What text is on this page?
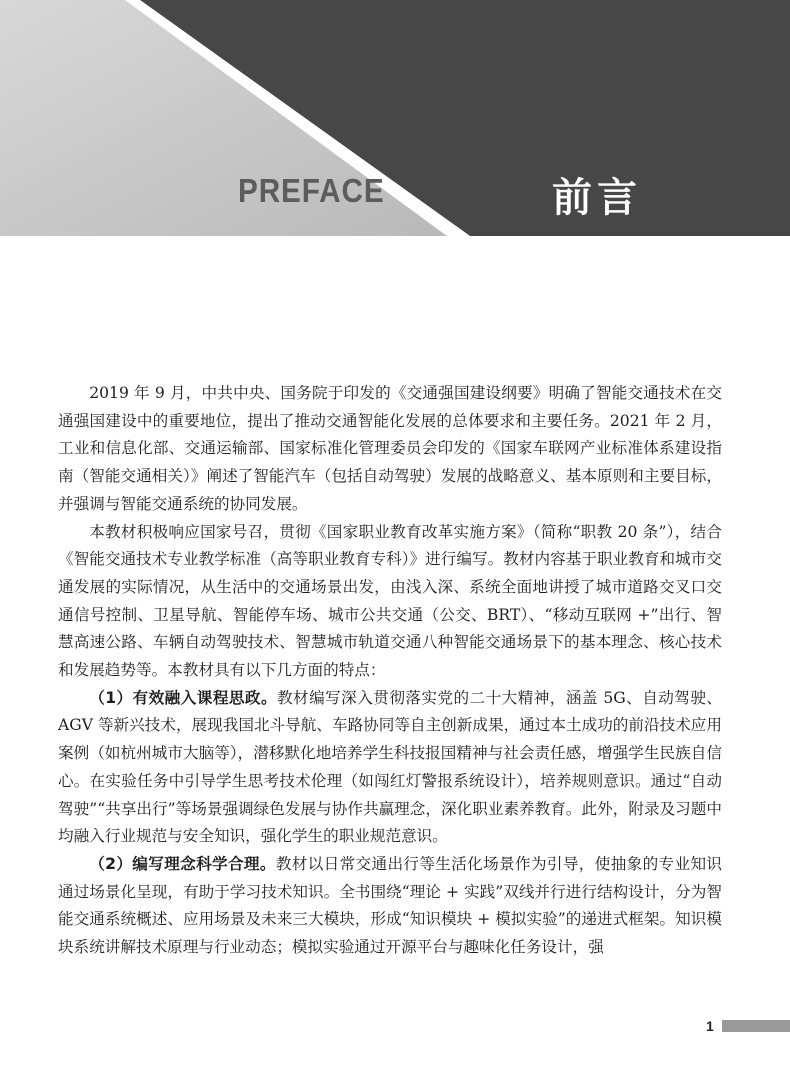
PREFACE	前言

2019 年 9 月，中共中央、国务院于印发的《交通强国建设纲要》明确了智能交通技术在交通强国建设中的重要地位，提出了推动交通智能化发展的总体要求和主要任务。2021 年 2 月，工业和信息化部、交通运输部、国家标准化管理委员会印发的《国家车联网产业标准体系建设指南（智能交通相关）》阐述了智能汽车（包括自动驾驶）发展的战略意义、基本原则和主要目标，并强调与智能交通系统的协同发展。

本教材积极响应国家号召，贯彻《国家职业教育改革实施方案》（简称“职教 20 条”），结合《智能交通技术专业教学标准（高等职业教育专科）》进行编写。教材内容基于职业教育和城市交通发展的实际情况，从生活中的交通场景出发，由浅入深、系统全面地讲授了城市道路交叉口交通信号控制、卫星导航、智能停车场、城市公共交通（公交、BRT）、“移动互联网 +”出行、智慧高速公路、车辆自动驾驶技术、智慧城市轨道交通八种智能交通场景下的基本理念、核心技术和发展趋势等。本教材具有以下几方面的特点：

（1）有效融入课程思政。教材编写深入贯彻落实党的二十大精神，涵盖 5G、自动驾驶、AGV 等新兴技术，展现我国北斗导航、车路协同等自主创新成果，通过本土成功的前沿技术应用案例（如杭州城市大脑等），潜移默化地培养学生科技报国精神与社会责任感，增强学生民族自信心。在实验任务中引导学生思考技术伦理（如闯红灯警报系统设计），培养规则意识。通过“自动驾驶”“共享出行”等场景强调绿色发展与协作共赢理念，深化职业素养教育。此外，附录及习题中均融入行业规范与安全知识，强化学生的职业规范意识。

（2）编写理念科学合理。教材以日常交通出行等生活化场景作为引导，使抽象的专业知识通过场景化呈现，有助于学习技术知识。全书围绕“理论 + 实践”双线并行进行结构设计，分为智能交通系统概述、应用场景及未来三大模块，形成“知识模块 + 模拟实验”的递进式框架。知识模块系统讲解技术原理与行业动态；模拟实验通过开源平台与趣味化任务设计，强

1
